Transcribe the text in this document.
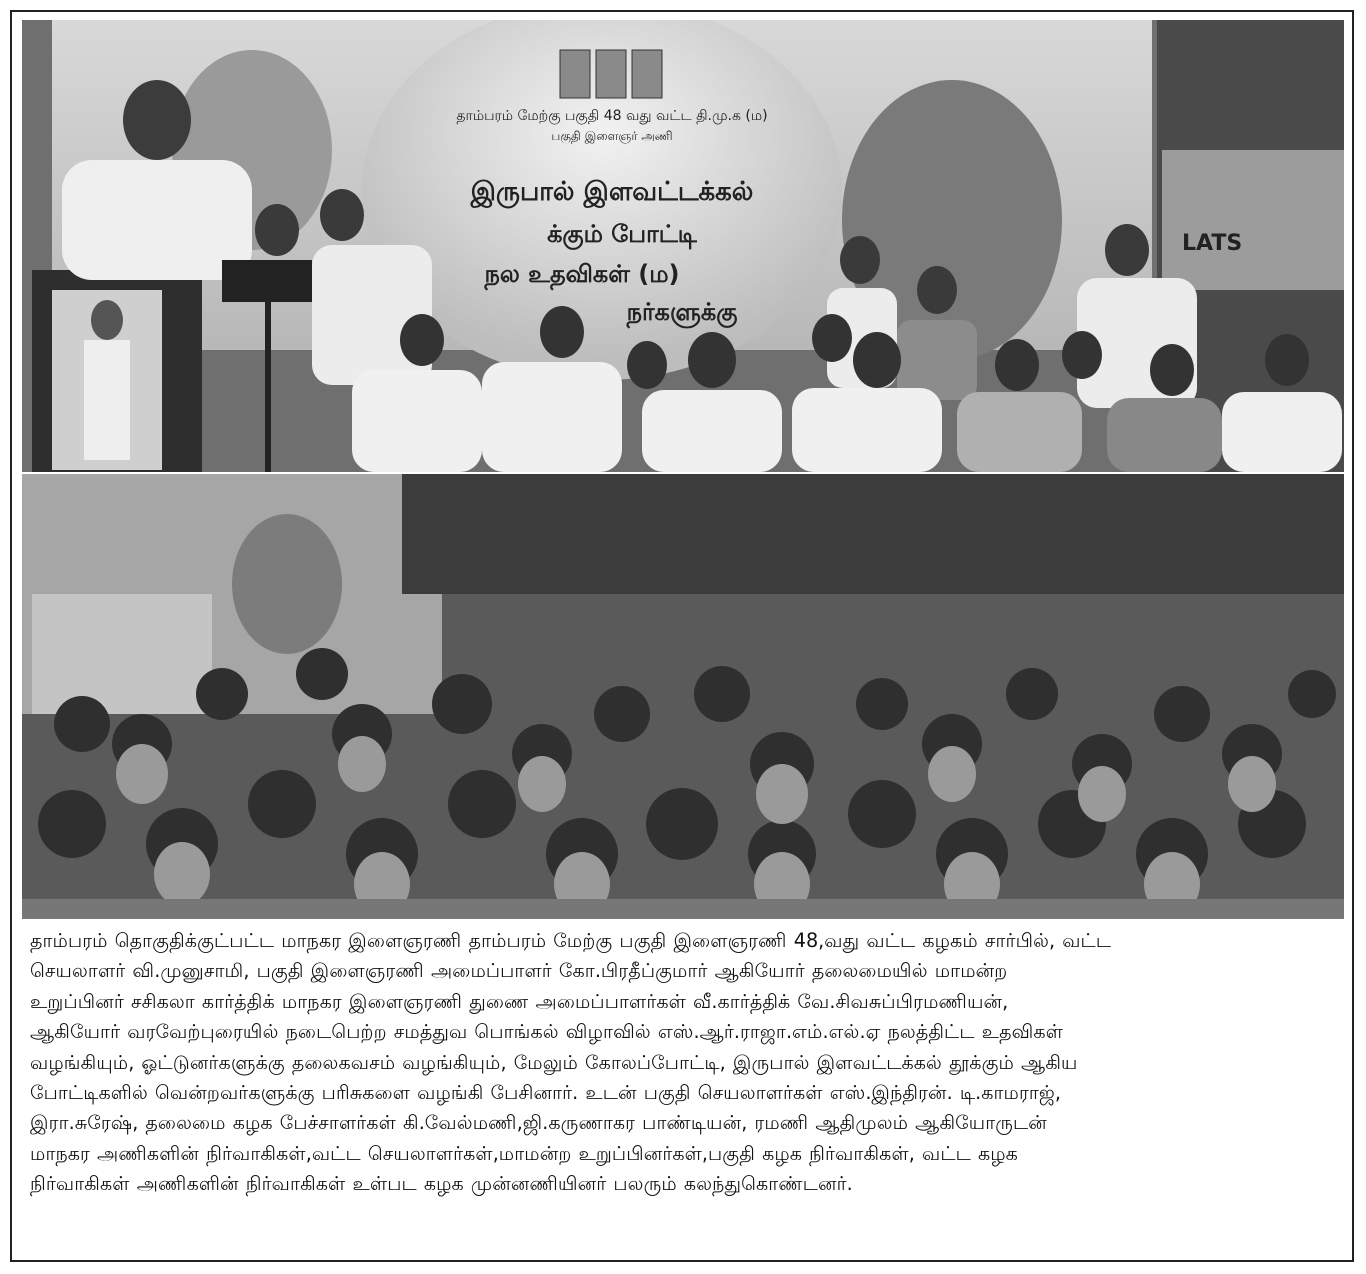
LATS
தாம்பரம் மேற்கு பகுதி 48 வது வட்ட தி.மு.க (ம)
பகுதி இளைஞர் அணி
இருபால் இளவட்டக்கல்
க்கும் போட்டி
நல உதவிகள் (ம)
நர்களுக்கு
தாம்பரம் தொகுதிக்குட்பட்ட மாநகர இளைஞரணி தாம்பரம் மேற்கு பகுதி இளைஞரணி 48,வது வட்ட கழகம் சார்பில், வட்ட
செயலாளர் வி.முனுசாமி, பகுதி இளைஞரணி அமைப்பாளர் கோ.பிரதீப்குமார் ஆகியோர் தலைமையில் மாமன்ற
உறுப்பினர் சசிகலா கார்த்திக் மாநகர இளைஞரணி துணை அமைப்பாளர்கள் வீ.கார்த்திக் வே.சிவசுப்பிரமணியன்,
ஆகியோர் வரவேற்புரையில் நடைபெற்ற சமத்துவ பொங்கல் விழாவில் எஸ்.ஆர்.ராஜா.எம்.எல்.ஏ நலத்திட்ட உதவிகள்
வழங்கியும், ஓட்டுனர்களுக்கு தலைகவசம் வழங்கியும், மேலும் கோலப்போட்டி, இருபால் இளவட்டக்கல் தூக்கும் ஆகிய
போட்டிகளில் வென்றவர்களுக்கு பரிசுகளை வழங்கி பேசினார். உடன் பகுதி செயலாளர்கள் எஸ்.இந்திரன். டி.காமராஜ்,
இரா.சுரேஷ், தலைமை கழக பேச்சாளர்கள் கி.வேல்மணி,ஜி.கருணாகர பாண்டியன், ரமணி ஆதிமுலம் ஆகியோருடன்
மாநகர அணிகளின் நிர்வாகிகள்,வட்ட செயலாளர்கள்,மாமன்ற உறுப்பினர்கள்,பகுதி கழக நிர்வாகிகள், வட்ட கழக
நிர்வாகிகள் அணிகளின் நிர்வாகிகள் உள்பட கழக முன்னணியினர் பலரும் கலந்துகொண்டனர்.
